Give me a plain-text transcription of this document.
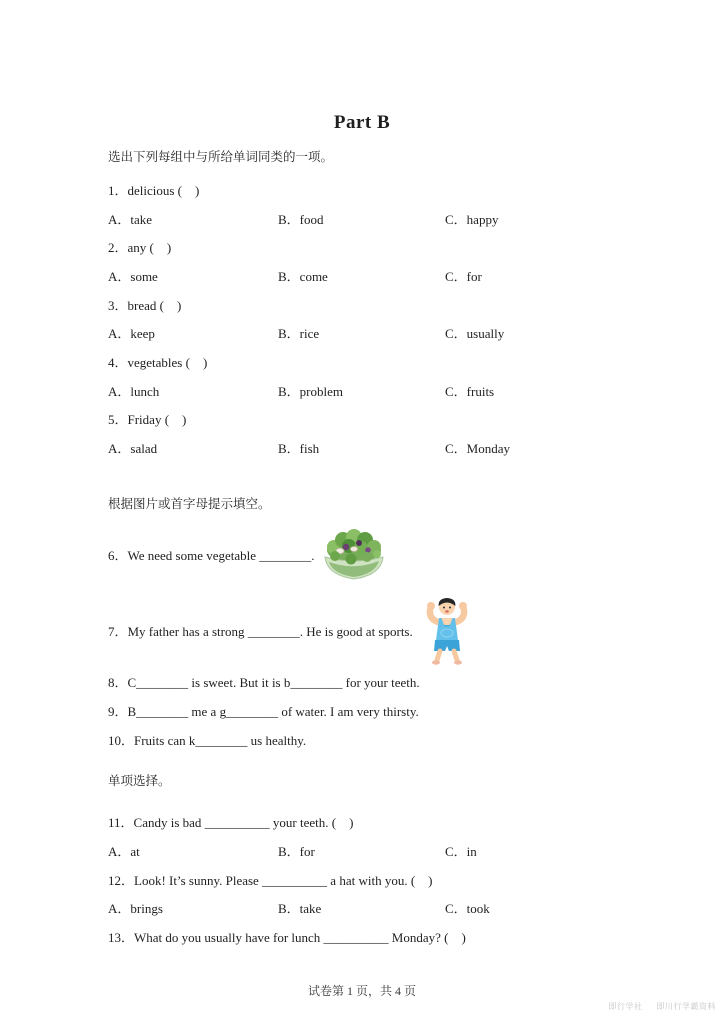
Part B

选出下列每组中与所给单词同类的一项。

1．delicious (　)

A．take	B．food	C．happy

2．any (　)

A．some	B．come	C．for

3．bread (　)

A．keep	B．rice	C．usually

4．vegetables (　)

A．lunch	B．problem	C．fruits

5．Friday (　)

A．salad	B．fish	C．Monday

根据图片或首字母提示填空。

6．We need some vegetable ________.
7．My father has a strong ________. He is good at sports.

8．C________ is sweet. But it is b________ for your teeth.

9．B________ me a g________ of water. I am very thirsty.

10．Fruits can k________ us healthy.

单项选择。

11．Candy is bad __________ your teeth. (　)

A．at	B．for	C．in

12．Look! It’s sunny. Please __________ a hat with you. (　)

A．brings	B．take	C．took

13．What do you usually have for lunch __________ Monday? (　)

试卷第 1 页，共 4 页
即行学社 即川行学霸资料
